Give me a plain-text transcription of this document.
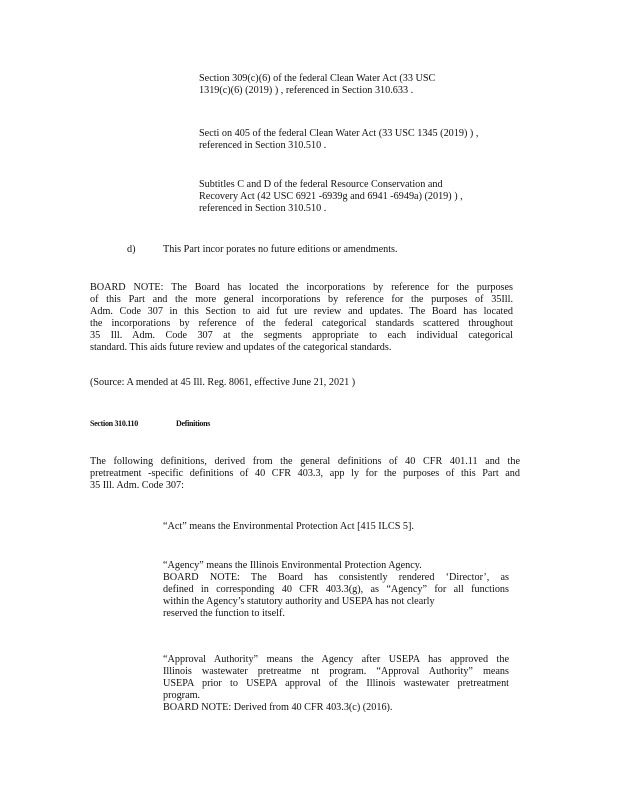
Section 309(c)(6) of the federal Clean Water Act (33 USC

1319(c)(6) (2019) ) , referenced in Section 310.633 .

Secti on 405 of the federal Clean Water Act (33 USC 1345 (2019) ) ,

referenced in Section 310.510 .

Subtitles C and D of the federal Resource Conservation and

Recovery Act (42 USC 6921 -6939g and 6941 -6949a) (2019) ) ,

referenced in Section 310.510 .

d)	This Part incor porates no future editions or amendments.

BOARD NOTE: The Board has located the incorporations by reference for the purposes

of this Part and the more general incorporations by reference for the purposes of 35Ill.

Adm. Code 307 in this Section to aid fut ure review and updates. The Board has located

the incorporations by reference of the federal categorical standards scattered throughout

35 Ill. Adm. Code 307 at the segments appropriate to each individual categorical

standard. This aids future review and updates of the categorical standards.

(Source: A mended at 45 Ill. Reg. 8061, effective June 21, 2021 )

Section 310.110	Definitions

The following definitions, derived from the general definitions of 40 CFR 401.11 and the

pretreatment -specific definitions of 40 CFR 403.3, app ly for the purposes of this Part and

35 Ill. Adm. Code 307:

“Act” means the Environmental Protection Act [415 ILCS 5].

“Agency” means the Illinois Environmental Protection Agency.

BOARD NOTE: The Board has consistently rendered ‘Director’, as

defined in corresponding 40 CFR 403.3(g), as “Agency” for all functions

within the Agency’s statutory authority and USEPA has not clearly

reserved the function to itself.

“Approval Authority” means the Agency after USEPA has approved the

Illinois wastewater pretreatme nt program. “Approval Authority” means

USEPA prior to USEPA approval of the Illinois wastewater pretreatment

program.

BOARD NOTE: Derived from 40 CFR 403.3(c) (2016).
